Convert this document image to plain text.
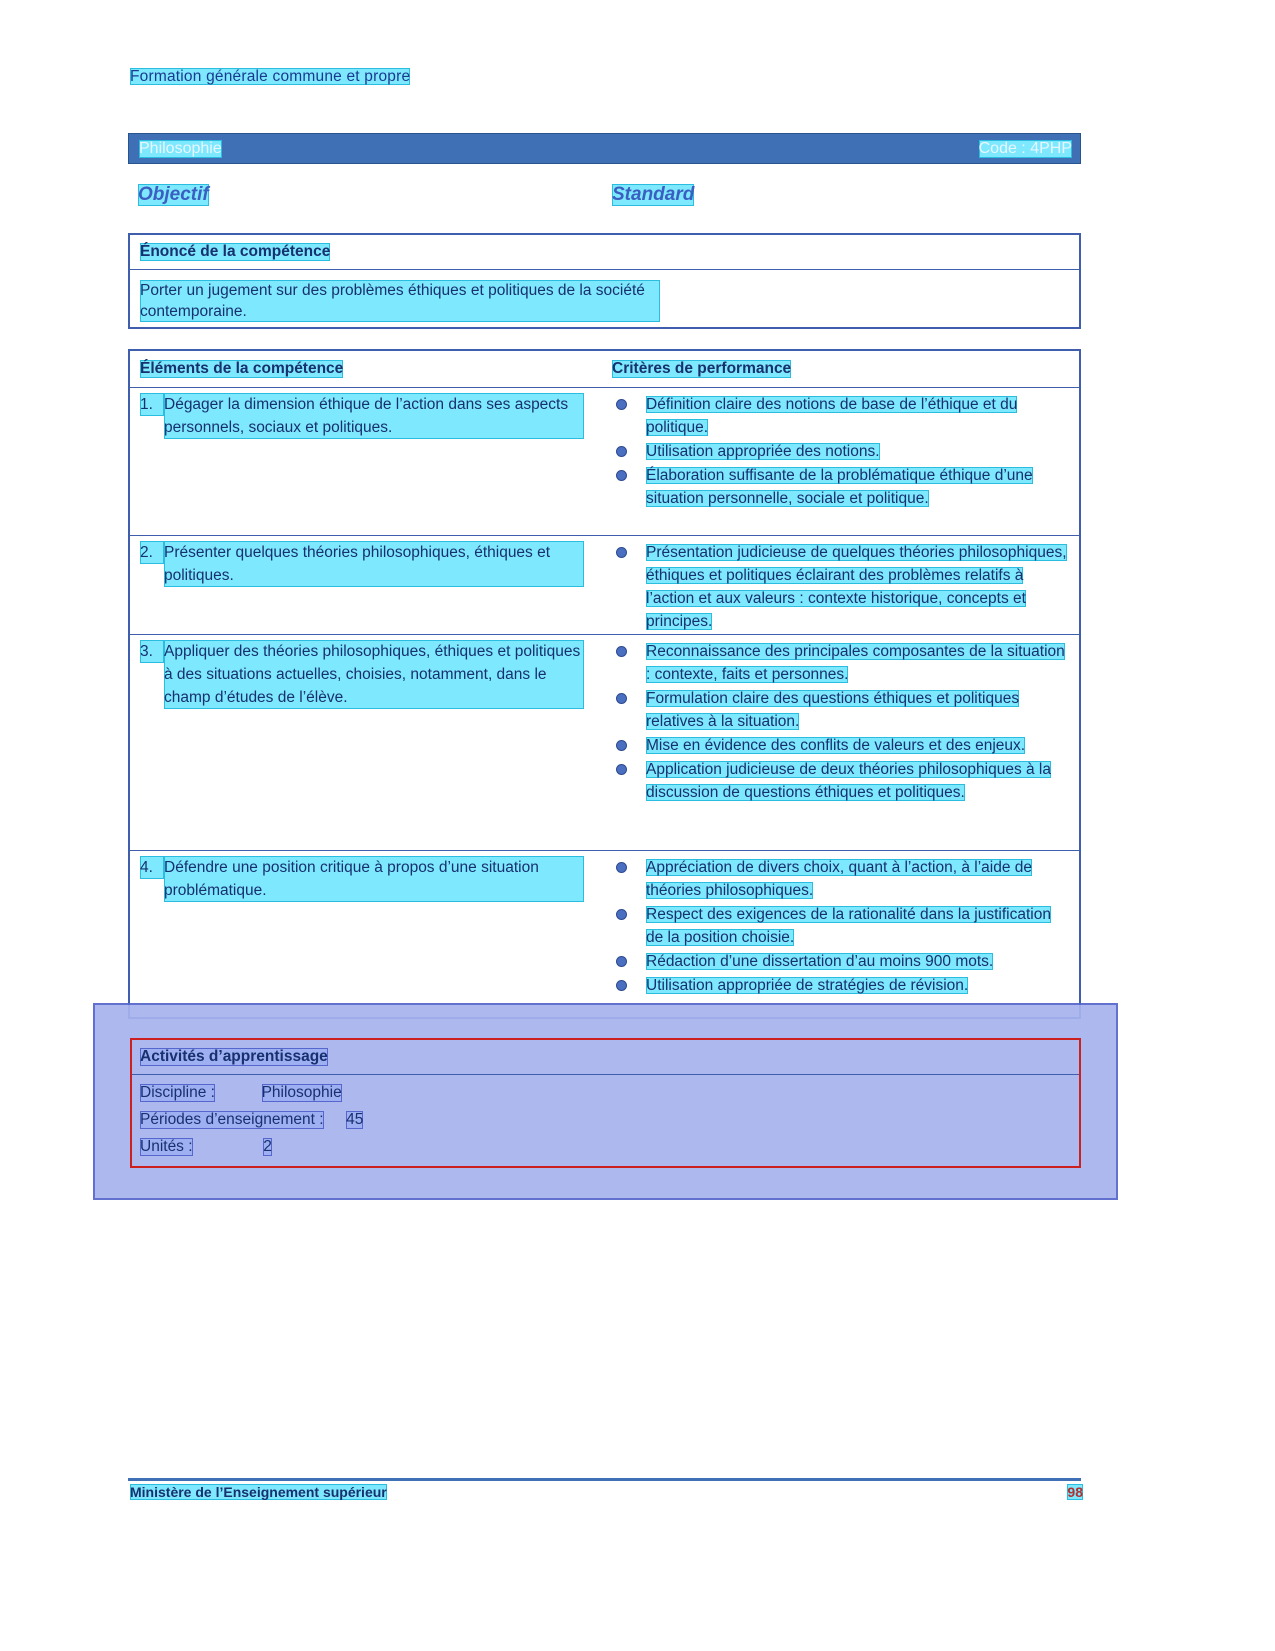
Formation générale commune et propre
Philosophie	Code : 4PHP
Objectif	Standard
Énoncé de la compétence
Porter un jugement sur des problèmes éthiques et politiques de la société contemporaine.
Éléments de la compétence	Critères de performance
1. Dégager la dimension éthique de l’action dans ses aspects personnels, sociaux et politiques.
Définition claire des notions de base de l’éthique et du politique.
Utilisation appropriée des notions.
Élaboration suffisante de la problématique éthique d’une situation personnelle, sociale et politique.
2. Présenter quelques théories philosophiques, éthiques et politiques.
Présentation judicieuse de quelques théories philosophiques, éthiques et politiques éclairant des problèmes relatifs à l’action et aux valeurs : contexte historique, concepts et principes.
3. Appliquer des théories philosophiques, éthiques et politiques à des situations actuelles, choisies, notamment, dans le champ d’études de l’élève.
Reconnaissance des principales composantes de la situation : contexte, faits et personnes.
Formulation claire des questions éthiques et politiques relatives à la situation.
Mise en évidence des conflits de valeurs et des enjeux.
Application judicieuse de deux théories philosophiques à la discussion de questions éthiques et politiques.
4. Défendre une position critique à propos d’une situation problématique.
Appréciation de divers choix, quant à l’action, à l’aide de théories philosophiques.
Respect des exigences de la rationalité dans la justification de la position choisie.
Rédaction d’une dissertation d’au moins 900 mots.
Utilisation appropriée de stratégies de révision.
Activités d’apprentissage
Discipline :	Philosophie
Périodes d’enseignement : 45
Unités :	2
Ministère de l’Enseignement supérieur	98
